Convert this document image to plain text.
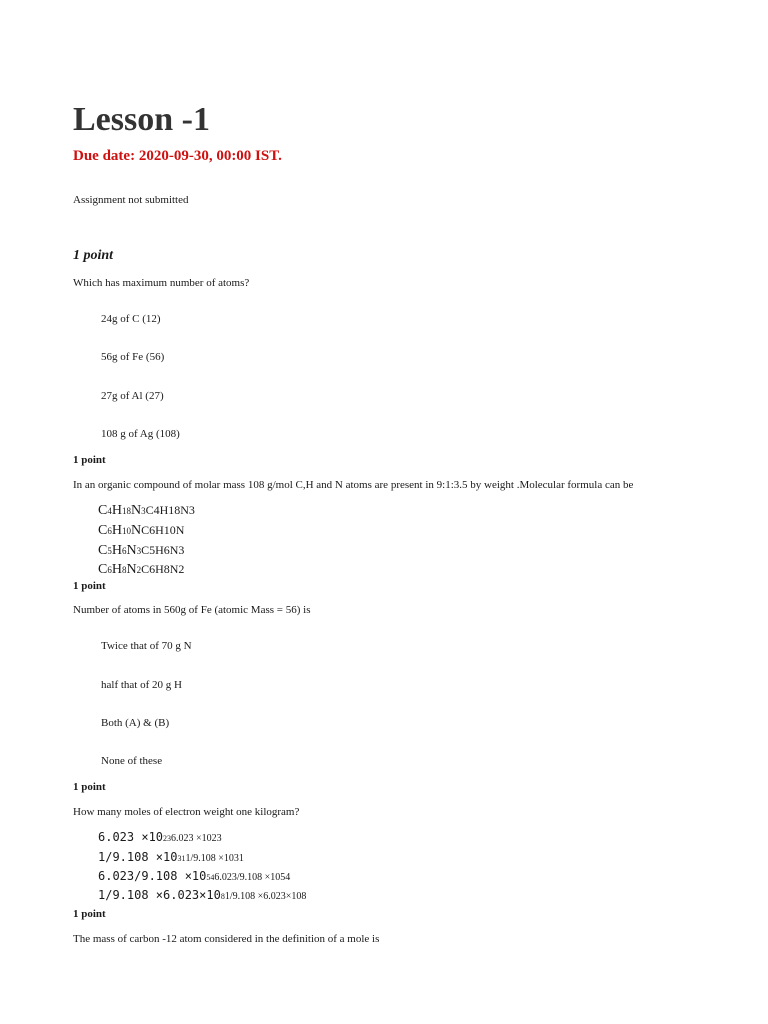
Lesson -1
Due date: 2020-09-30, 00:00 IST.
Assignment not submitted
1 point
Which has maximum number of atoms?
24g of C (12)
56g of Fe (56)
27g of Al (27)
108 g of Ag (108)
1 point
In an organic compound of molar mass 108 g/mol C,H and N atoms are present in 9:1:3.5 by weight .Molecular formula can be
C4H18N3C4H18N3
C6H10NC6H10N
C5H6N3C5H6N3
C6H8N2C6H8N2
1 point
Number of atoms in 560g of Fe (atomic Mass = 56) is
Twice that of 70 g N
half that of 20 g H
Both (A) & (B)
None of these
1 point
How many moles of electron weight one kilogram?
6.023 ×10236.023 ×1023
1/9.108 ×10311/9.108 ×1031
6.023/9.108 ×10546.023/9.108 ×1054
1/9.108 ×6.023×1081/9.108 ×6.023×108
1 point
The mass of carbon -12 atom considered in the definition of a mole is
